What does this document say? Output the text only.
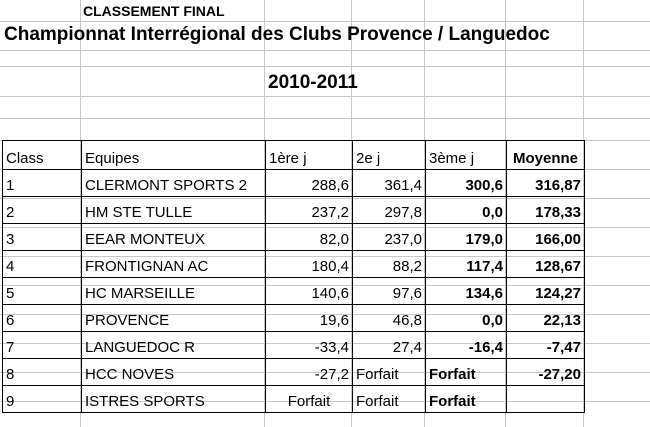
CLASSEMENT FINAL
Championnat Interrégional des Clubs Provence / Languedoc
2010-2011
Class	Equipes	1ère j	2e j	3ème j	Moyenne
1	CLERMONT SPORTS 2	288,6	361,4	300,6	316,87
2	HM STE TULLE	237,2	297,8	0,0	178,33
3	EEAR MONTEUX	82,0	237,0	179,0	166,00
4	FRONTIGNAN AC	180,4	88,2	117,4	128,67
5	HC MARSEILLE	140,6	97,6	134,6	124,27
6	PROVENCE	19,6	46,8	0,0	22,13
7	LANGUEDOC R	-33,4	27,4	-16,4	-7,47
8	HCC NOVES	-27,2	Forfait	Forfait	-27,20
9	ISTRES SPORTS	Forfait	Forfait	Forfait	
